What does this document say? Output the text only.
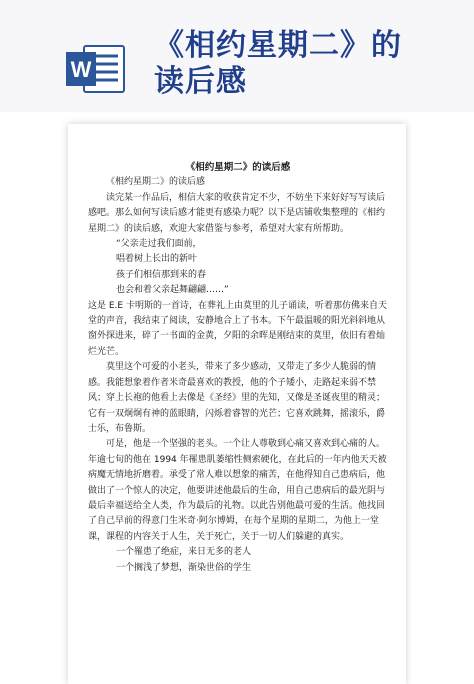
W
《相约星期二》的
读后感

《相约星期二》的读后感

《相约星期二》的读后感

读完某一作品后，相信大家的收获肯定不少，不妨坐下来好好写写读后感吧。那么如何写读后感才能更有感染力呢？以下是店铺收集整理的《相约星期二》的读后感，欢迎大家借鉴与参考，希望对大家有所帮助。

“父亲走过我们面前，

唱着树上长出的新叶

孩子们相信那到来的春

也会和着父亲起舞翩翩……”

这是 E.E 卡明斯的一首诗，在葬礼上由莫里的儿子诵读，听着那仿佛来自天堂的声音，我结束了阅读，安静地合上了书本。下午最温暖的阳光斜斜地从窗外探进来，碎了一书面的金黄，夕阳的余晖是刚结束的莫里，依旧有着灿烂光芒。

莫里这个可爱的小老头，带来了多少感动，又带走了多少人脆弱的情感。我能想象着作者米奇最喜欢的教授，他的个子矮小，走路起来弱不禁风；穿上长袍的他看上去像是《圣经》里的先知，又像是圣诞夜里的精灵；它有一双炯炯有神的蓝眼睛，闪烁着睿智的光芒；它喜欢跳舞，摇滚乐，爵士乐，布鲁斯。

可是，他是一个坚强的老头。一个让人尊敬到心痛又喜欢到心痛的人。年逾七旬的他在 1994 年罹患肌萎缩性侧索硬化，在此后的一年内他天天被病魔无情地折磨着。承受了常人难以想象的痛苦，在他得知自己患病后，他做出了一个惊人的决定，他要讲述他最后的生命，用自己患病后的最光阴与最后幸福送给全人类，作为最后的礼物。以此告别他最可爱的生活。他找回了自己早前的得意门生米奇·阿尔博姆，在每个星期的星期二，为他上一堂课，课程的内容关于人生，关于死亡，关于一切人们躲避的真实。

一个罹患了绝症，来日无多的老人

一个搁浅了梦想，渐染世俗的学生
